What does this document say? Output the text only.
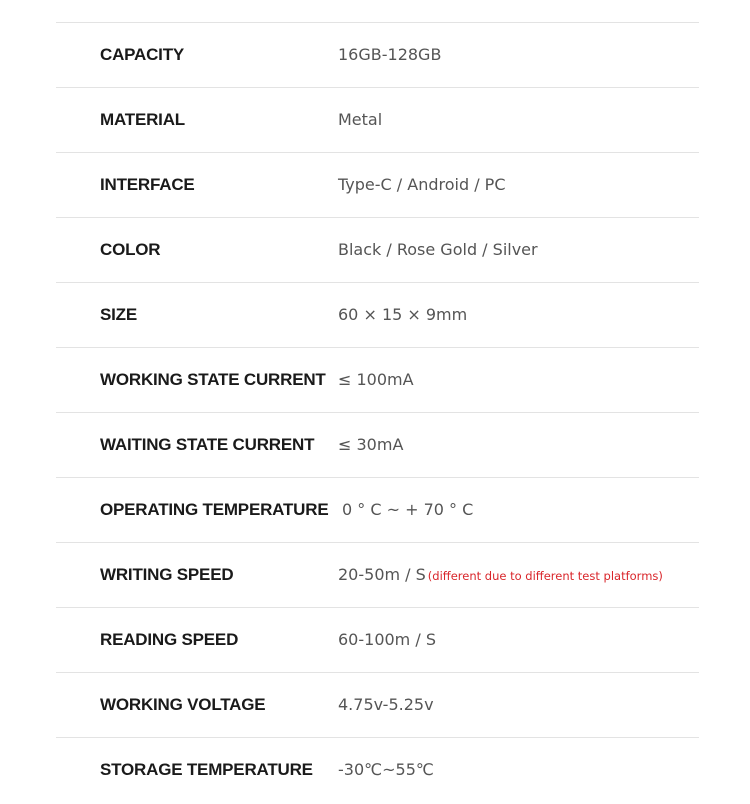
CAPACITY	16GB-128GB
MATERIAL	Metal
INTERFACE	Type-C / Android / PC
COLOR	Black / Rose Gold / Silver
SIZE	60 × 15 × 9mm
WORKING STATE CURRENT ≤ 100mA
WAITING STATE CURRENT ≤ 30mA
OPERATING TEMPERATURE 0 ° C ~ + 70 ° C
WRITING SPEED	20-50m / S (different due to different test platforms)
READING SPEED	60-100m / S
WORKING VOLTAGE	4.75v-5.25v
STORAGE TEMPERATURE -30℃~55℃
